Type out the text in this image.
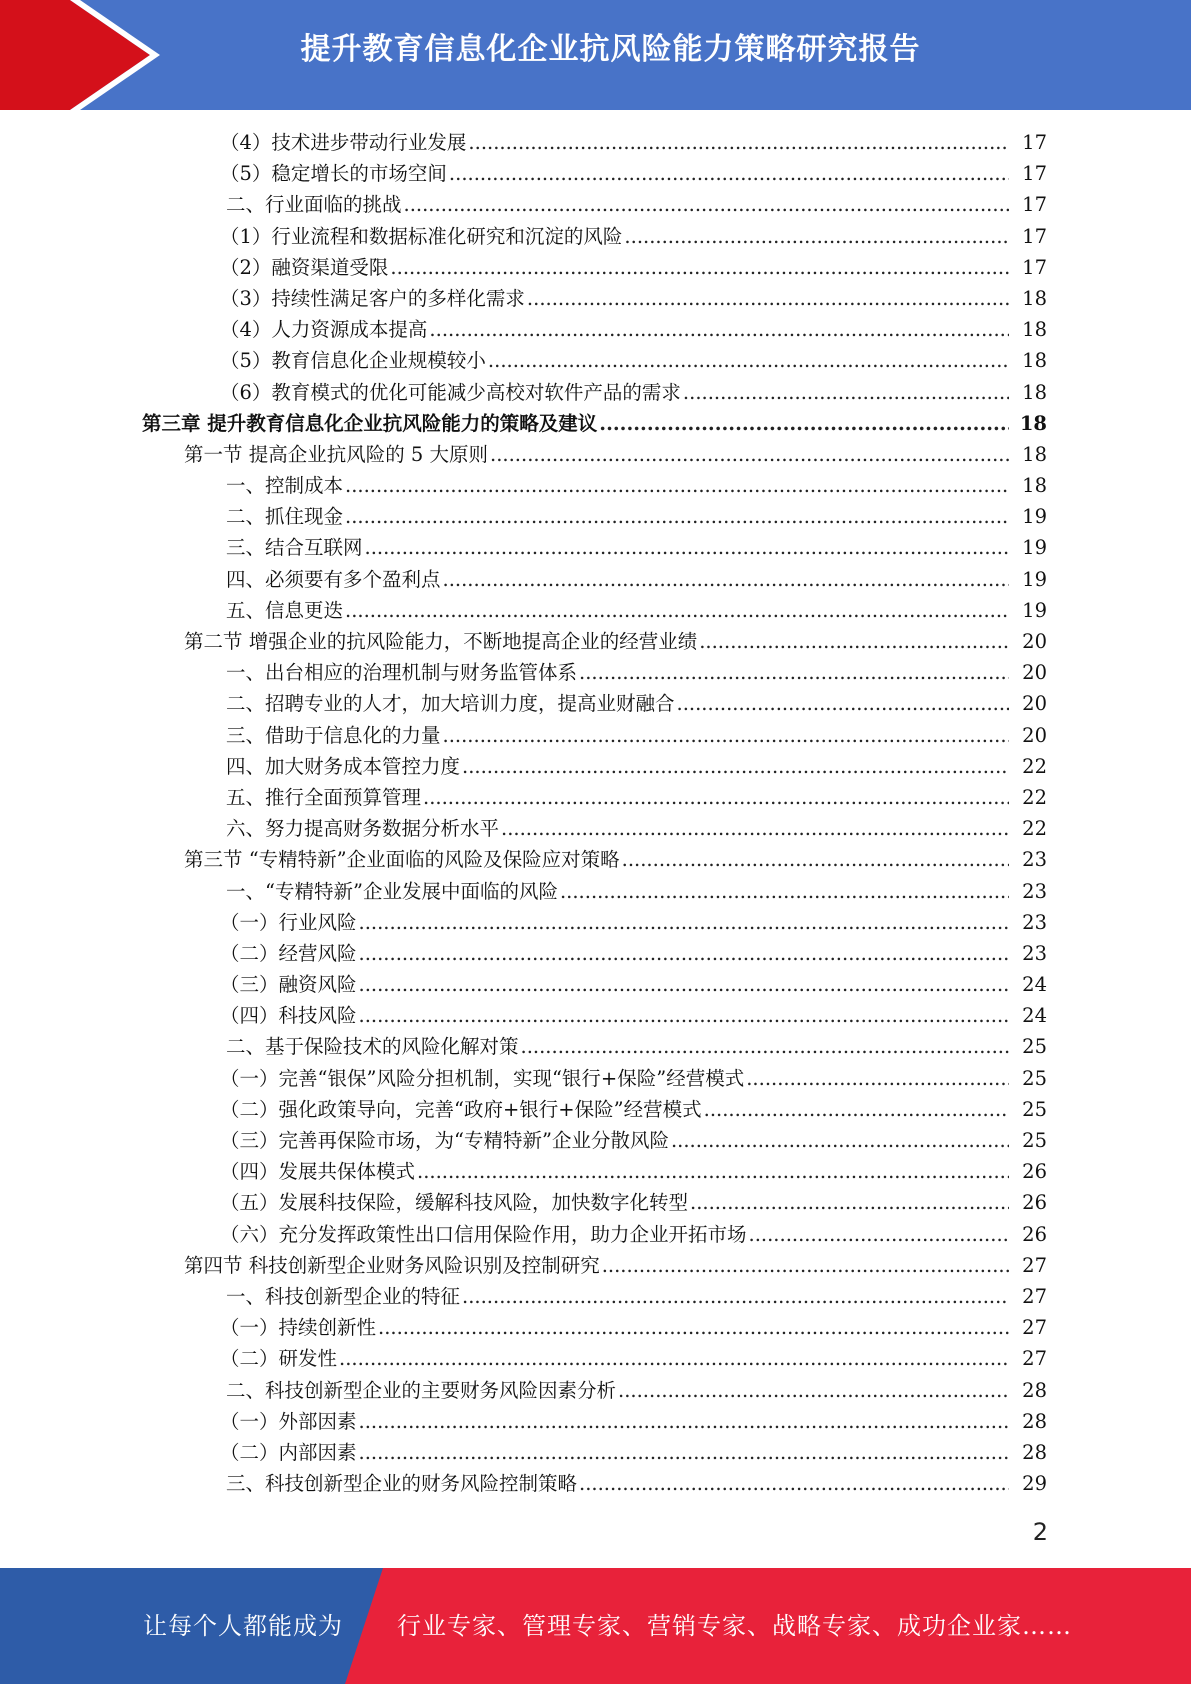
提升教育信息化企业抗风险能力策略研究报告
（4）技术进步带动行业发展 .....	17
（5）稳定增长的市场空间 .....	17
二、行业面临的挑战 .....	17
（1）行业流程和数据标准化研究和沉淀的风险 .....	17
（2）融资渠道受限 .....	17
（3）持续性满足客户的多样化需求 .....	18
（4）人力资源成本提高 .....	18
（5）教育信息化企业规模较小 .....	18
（6）教育模式的优化可能减少高校对软件产品的需求 .....	18
第三章 提升教育信息化企业抗风险能力的策略及建议 .....	18
第一节 提高企业抗风险的 5 大原则 .....	18
一、控制成本 .....	18
二、抓住现金 .....	19
三、结合互联网 .....	19
四、必须要有多个盈利点 .....	19
五、信息更迭 .....	19
第二节 增强企业的抗风险能力，不断地提高企业的经营业绩 .....	20
一、出台相应的治理机制与财务监管体系 .....	20
二、招聘专业的人才，加大培训力度，提高业财融合 .....	20
三、借助于信息化的力量 .....	20
四、加大财务成本管控力度 .....	22
五、推行全面预算管理 .....	22
六、努力提高财务数据分析水平 .....	22
第三节 “专精特新”企业面临的风险及保险应对策略 .....	23
一、“专精特新”企业发展中面临的风险 .....	23
（一）行业风险 .....	23
（二）经营风险 .....	23
（三）融资风险 .....	24
（四）科技风险 .....	24
二、基于保险技术的风险化解对策 .....	25
（一）完善“银保”风险分担机制，实现“银行+保险”经营模式 .....	25
（二）强化政策导向，完善“政府+银行+保险”经营模式 .....	25
（三）完善再保险市场，为“专精特新”企业分散风险 .....	25
（四）发展共保体模式 .....	26
（五）发展科技保险，缓解科技风险，加快数字化转型 .....	26
（六）充分发挥政策性出口信用保险作用，助力企业开拓市场 .....	26
第四节 科技创新型企业财务风险识别及控制研究 .....	27
一、科技创新型企业的特征 .....	27
（一）持续创新性 .....	27
（二）研发性 .....	27
二、科技创新型企业的主要财务风险因素分析 .....	28
（一）外部因素 .....	28
（二）内部因素 .....	28
三、科技创新型企业的财务风险控制策略 .....	29
2
让每个人都能成为 行业专家、管理专家、营销专家、战略专家、成功企业家……
